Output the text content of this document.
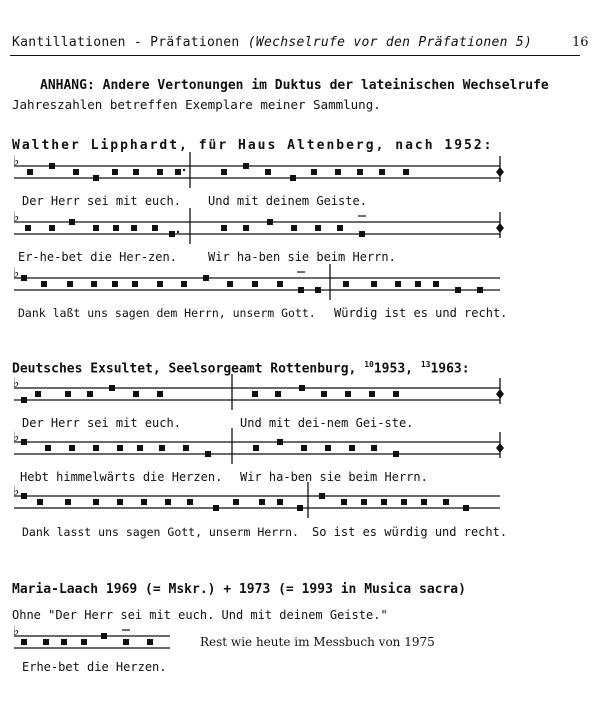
Kantillationen - Präfationen (Wechselrufe vor den Präfationen 5)	16
ANHANG: Andere Vertonungen im Duktus der lateinischen Wechselrufe
Jahreszahlen betreffen Exemplare meiner Sammlung.
Walther Lipphardt, für Haus Altenberg, nach 1952:
Der Herr sei mit euch. Und mit deinem Geiste.
Er-he-bet die Her-zen.	Wir ha-ben sie beim Herrn.
Dank laßt uns sagen dem Herrn, unserm Gott. Würdig ist es und recht.
Deutsches Exsultet, Seelsorgeamt Rottenburg, $^{10}$1953, $^{13}$1963:
Der Herr sei mit euch.	Und mit dei-nem Gei-ste.
Hebt himmelwärts die Herzen. Wir ha-ben sie beim Herrn.
Dank lasst uns sagen Gott, unserm Herrn. So ist es würdig und recht.
Maria-Laach 1969 (= Mskr.) + 1973 (= 1993 in Musica sacra)
Ohne "Der Herr sei mit euch. Und mit deinem Geiste."
Erhe-bet die Herzen.
Rest wie heute im Messbuch von 1975
♭
♭
♭
♭
♭
♭
♭
